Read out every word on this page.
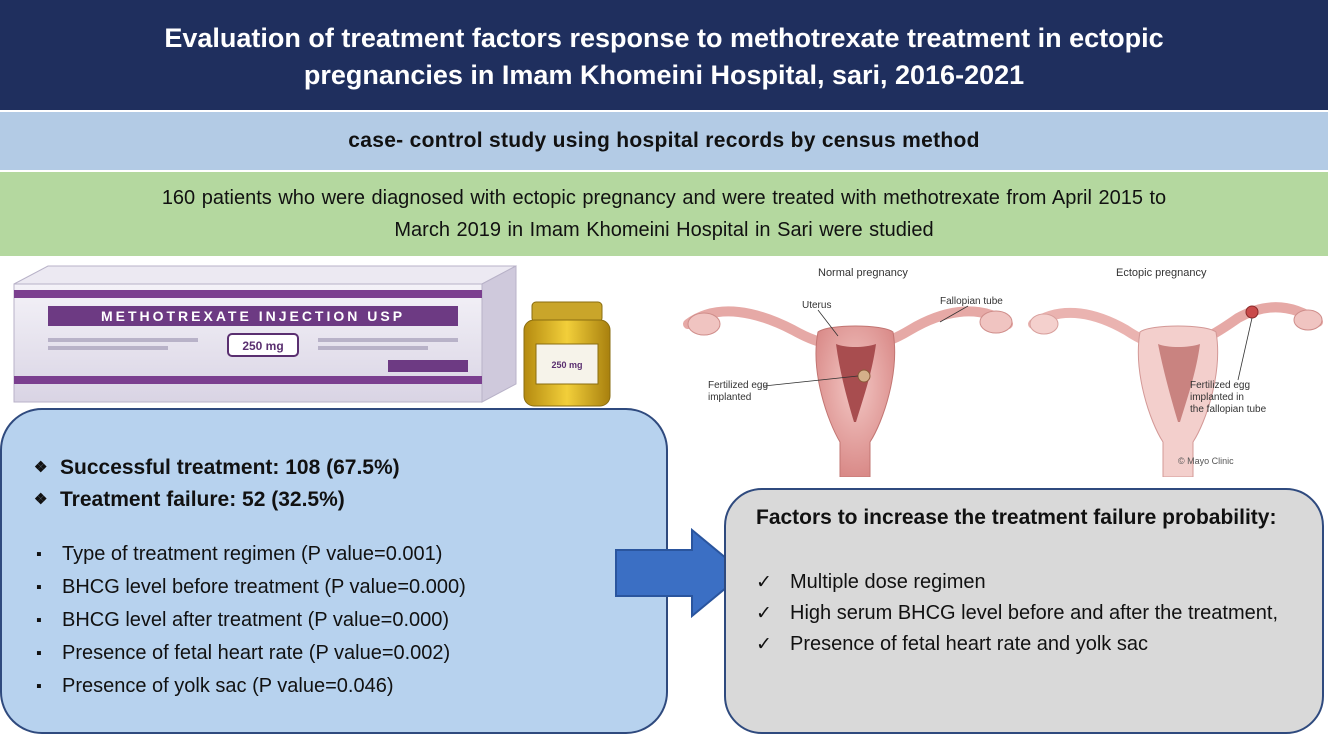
Evaluation of treatment factors response to methotrexate treatment in ectopic
pregnancies in Imam Khomeini Hospital, sari, 2016-2021
case- control study using hospital records by census method
160 patients who were diagnosed with ectopic pregnancy and were treated with methotrexate from April 2015 to
March 2019 in Imam Khomeini Hospital in Sari were studied
METHOTREXATE INJECTION USP
250 mg
250 mg
Normal pregnancy	Ectopic pregnancy
Uterus	Fallopian tube
Fertilized egg
implanted
Fertilized egg
implanted in
the fallopian tube
© Mayo Clinic
❖ Successful treatment: 108 (67.5%)
❖ Treatment failure: 52 (32.5%)
▪ Type of treatment regimen (P value=0.001)
▪ BHCG level before treatment (P value=0.000)
▪ BHCG level after treatment (P value=0.000)
▪ Presence of fetal heart rate (P value=0.002)
▪ Presence of yolk sac (P value=0.046)
Factors to increase the treatment failure probability:
✓ Multiple dose regimen
✓ High serum BHCG level before and after the treatment,
✓ Presence of fetal heart rate and yolk sac
